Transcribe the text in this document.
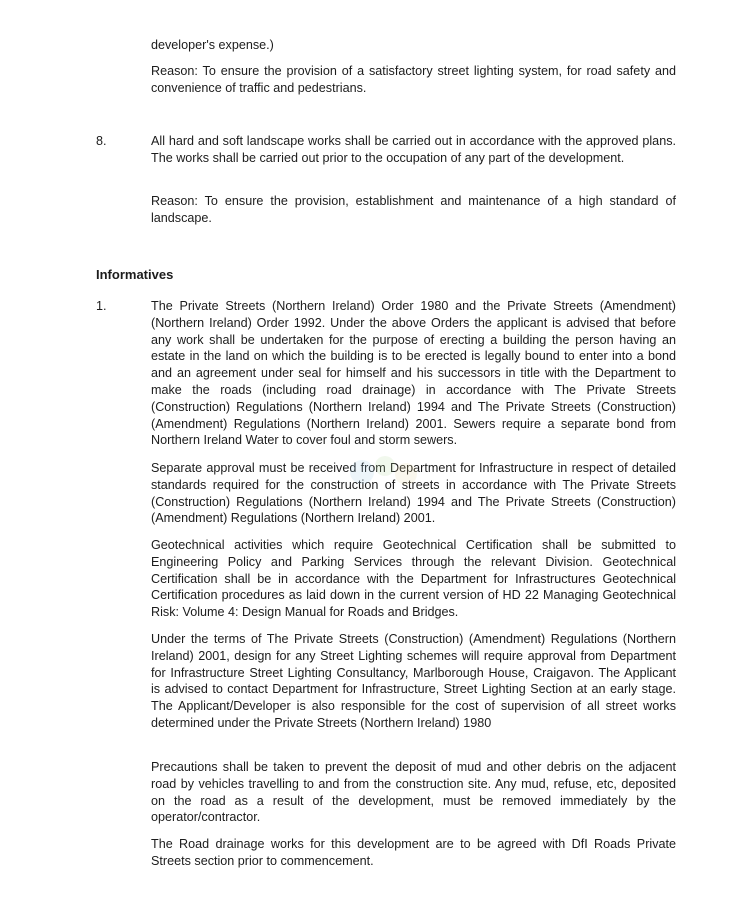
developer's expense.)

Reason: To ensure the provision of a satisfactory street lighting system, for road safety and convenience of traffic and pedestrians.

8.	All hard and soft landscape works shall be carried out in accordance with the approved plans. The works shall be carried out prior to the occupation of any part of the development.

Reason: To ensure the provision, establishment and maintenance of a high standard of landscape.

Informatives

1.	The Private Streets (Northern Ireland) Order 1980 and the Private Streets (Amendment) (Northern Ireland) Order 1992. Under the above Orders the applicant is advised that before any work shall be undertaken for the purpose of erecting a building the person having an estate in the land on which the building is to be erected is legally bound to enter into a bond and an agreement under seal for himself and his successors in title with the Department to make the roads (including road drainage) in accordance with The Private Streets (Construction) Regulations (Northern Ireland) 1994 and The Private Streets (Construction) (Amendment) Regulations (Northern Ireland) 2001. Sewers require a separate bond from Northern Ireland Water to cover foul and storm sewers.

Separate approval must be received from Department for Infrastructure in respect of detailed standards required for the construction of streets in accordance with The Private Streets (Construction) Regulations (Northern Ireland) 1994 and The Private Streets (Construction) (Amendment) Regulations (Northern Ireland) 2001.

Geotechnical activities which require Geotechnical Certification shall be submitted to Engineering Policy and Parking Services through the relevant Division. Geotechnical Certification shall be in accordance with the Department for Infrastructures Geotechnical Certification procedures as laid down in the current version of HD 22 Managing Geotechnical Risk: Volume 4: Design Manual for Roads and Bridges.

Under the terms of The Private Streets (Construction) (Amendment) Regulations (Northern Ireland) 2001, design for any Street Lighting schemes will require approval from Department for Infrastructure Street Lighting Consultancy, Marlborough House, Craigavon. The Applicant is advised to contact Department for Infrastructure, Street Lighting Section at an early stage. The Applicant/Developer is also responsible for the cost of supervision of all street works determined under the Private Streets (Northern Ireland) 1980

Precautions shall be taken to prevent the deposit of mud and other debris on the adjacent road by vehicles travelling to and from the construction site. Any mud, refuse, etc, deposited on the road as a result of the development, must be removed immediately by the operator/contractor.

The Road drainage works for this development are to be agreed with DfI Roads Private Streets section prior to commencement.
